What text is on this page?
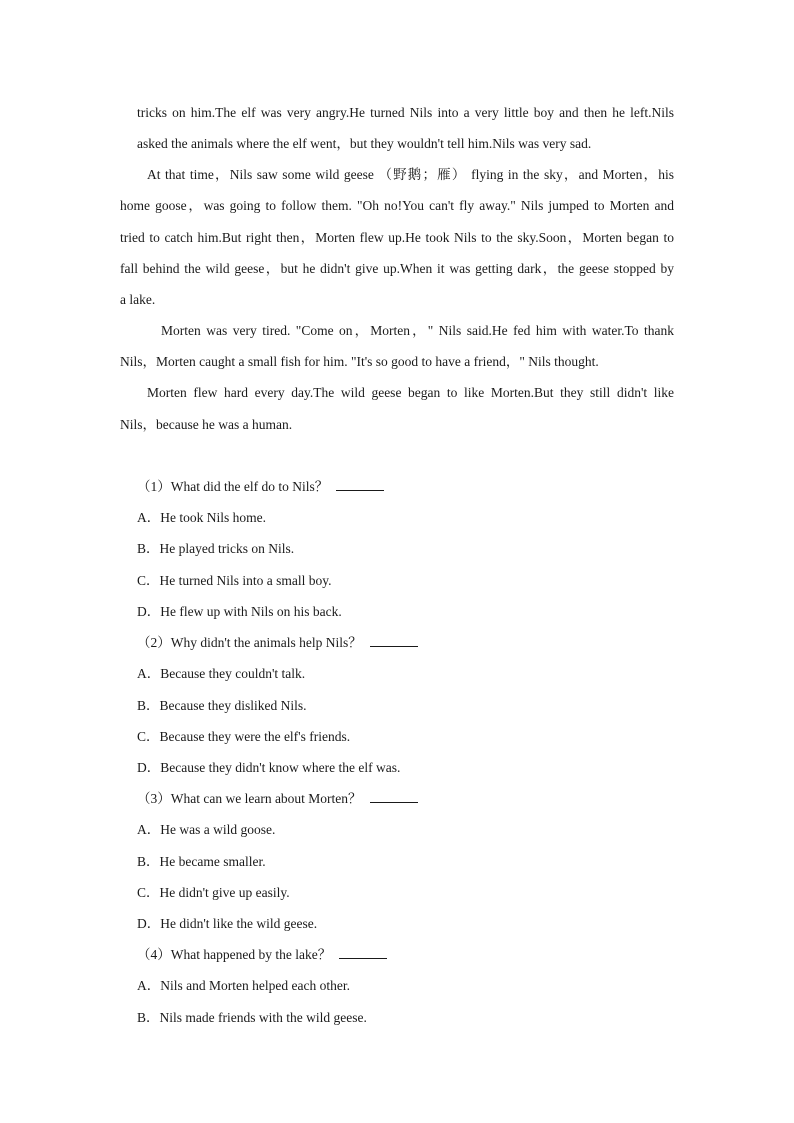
tricks on him.The elf was very angry.He turned Nils into a very little boy and then he left.Nils
asked the animals where the elf went，but they wouldn't tell him.Nils was very sad.
At that time，Nils saw some wild geese （野鹅；雁） flying in the sky，and Morten，his
home goose，was going to follow them. "Oh no!You can't fly away." Nils jumped to Morten and
tried to catch him.But right then，Morten flew up.He took Nils to the sky.Soon，Morten began to
fall behind the wild geese，but he didn't give up.When it was getting dark，the geese stopped by
a lake.
Morten was very tired. "Come on，Morten，" Nils said.He fed him with water.To thank
Nils，Morten caught a small fish for him. "It's so good to have a friend，" Nils thought.
Morten flew hard every day.The wild geese began to like Morten.But they still didn't like
Nils，because he was a human.
（1）What did the elf do to Nils？
A．He took Nils home.
B．He played tricks on Nils.
C．He turned Nils into a small boy.
D．He flew up with Nils on his back.
（2）Why didn't the animals help Nils？
A．Because they couldn't talk.
B．Because they disliked Nils.
C．Because they were the elf's friends.
D．Because they didn't know where the elf was.
（3）What can we learn about Morten？
A．He was a wild goose.
B．He became smaller.
C．He didn't give up easily.
D．He didn't like the wild geese.
（4）What happened by the lake？
A．Nils and Morten helped each other.
B．Nils made friends with the wild geese.
